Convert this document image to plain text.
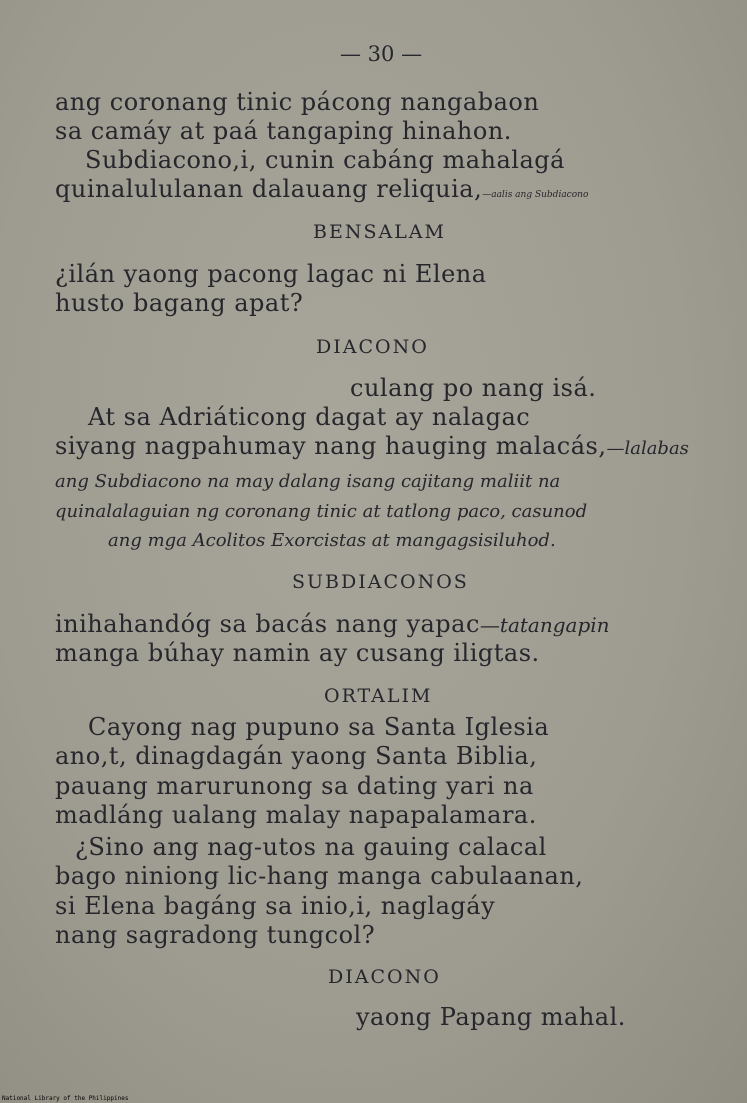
— 30 —
ang coronang tinic pácong nangabaon
sa camáy at paá tangaping hinahon.
Subdiacono,i, cunin cabáng mahalagá
quinalulu​lanan dalauang reliquia,—aalis ang Subdiacono
BENSALAM
¿ilán yaong pacong lagac ni Elena
husto bagang apat?
DIACONO
culang po nang isá.
At sa Adriáticong dagat ay nalagac
siyang nagpahumay nang hauging malacás,—lalabas
ang Subdiacono na may dalang isang cajitang maliit na
quinalalaguian ng coronang tinic at tatlong paco, casunod
ang mga Acolitos Exorcistas at mangagsisiluhod.
SUBDIACONOS
inihahandóg sa bacás nang yapac—tatangapin
manga búhay namin ay cusang iligtas.
ORTALIM
Cayong nag pupuno sa Santa Iglesia
ano,t, dinagdagán yaong Santa Biblia,
pauang marurunong sa dating yari na
madláng ualang malay napapalamara.
¿Sino ang nag-utos na gauing calacal
bago niniong lic-hang manga cabulaanan,
si Elena bagáng sa inio,i, naglagáy
nang sagradong tungcol?
DIACONO
yaong Papang mahal.
National Library of the Philippines
